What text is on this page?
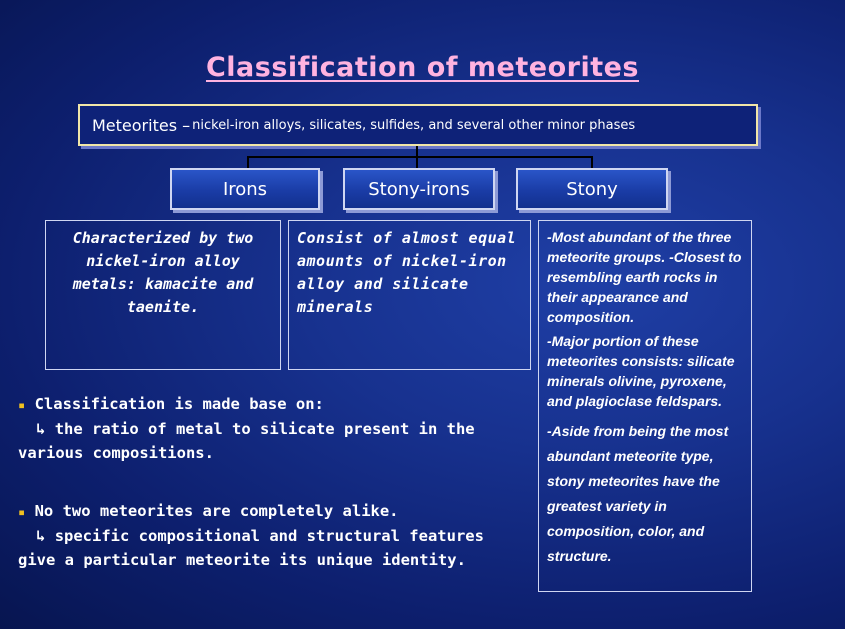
Classification of meteorites
Meteorites – nickel-iron alloys, silicates, sulfides, and several other minor phases
Irons	Stony-irons	Stony
Characterized by two nickel-iron alloy metals: kamacite and taenite.
Consist of almost equal amounts of nickel-iron alloy and silicate minerals
-Most abundant of the three meteorite groups. -Closest to resembling earth rocks in their appearance and composition.
-Major portion of these meteorites consists: silicate minerals olivine, pyroxene, and plagioclase feldspars.
-Aside from being the most abundant meteorite type, stony meteorites have the greatest variety in composition, color, and structure.
▪ Classification is made base on:
↳ the ratio of metal to silicate present in the various compositions.
▪ No two meteorites are completely alike.
↳ specific compositional and structural features give a particular meteorite its unique identity.
